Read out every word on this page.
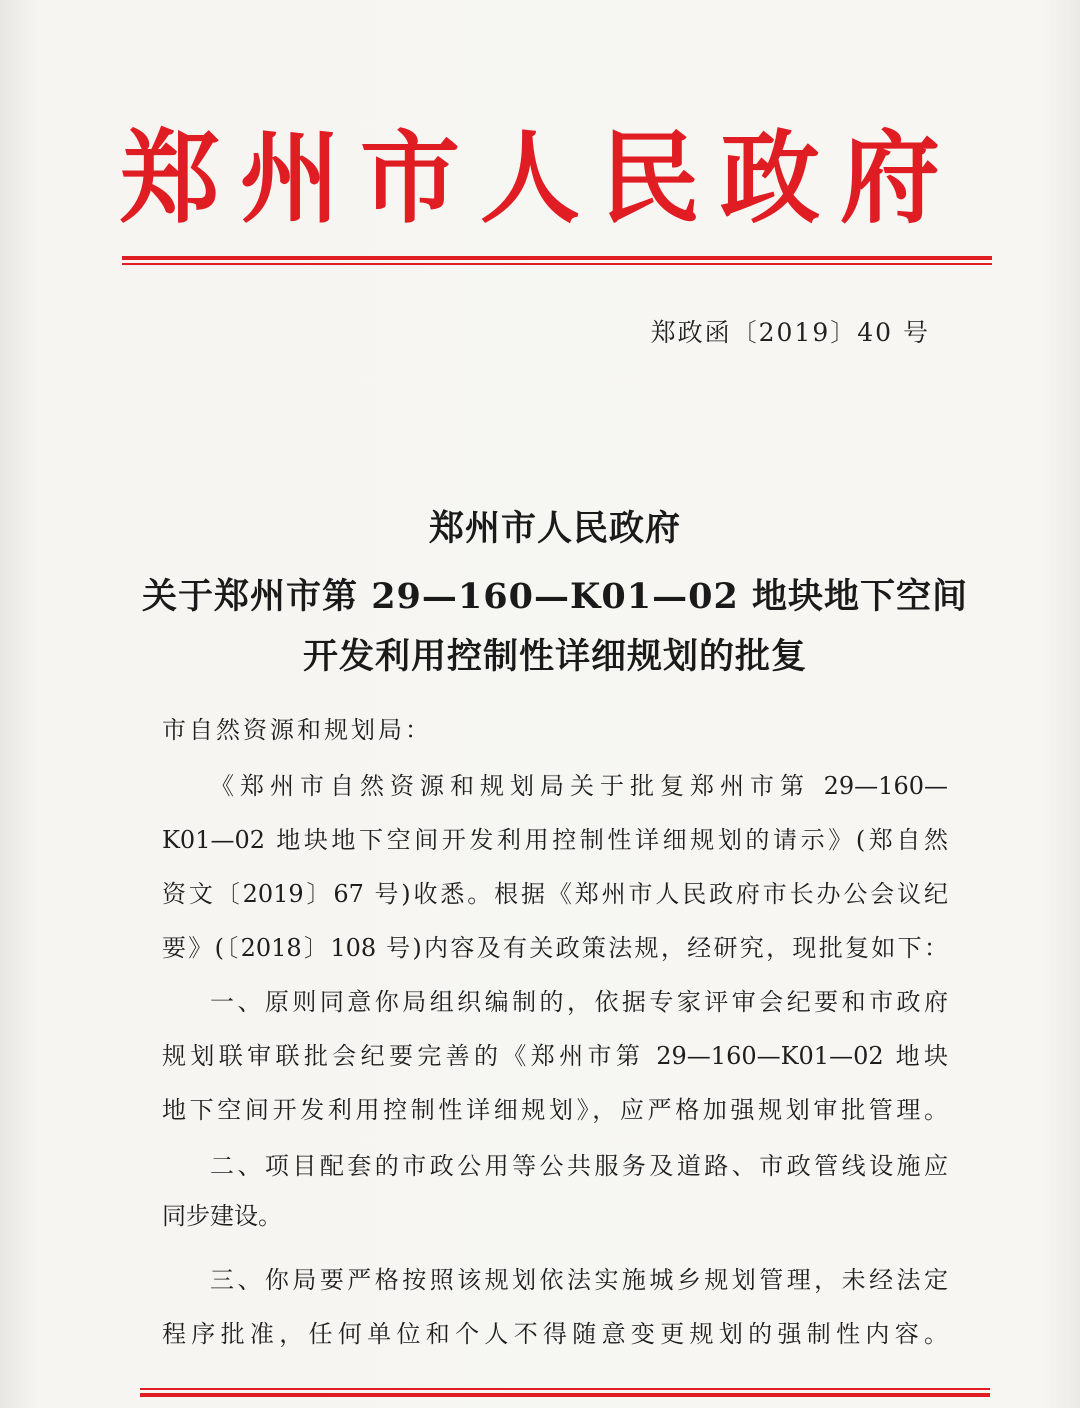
郑州市人民政府
郑政函〔2019〕40 号
郑州市人民政府
关于郑州市第 29—160—K01—02 地块地下空间
开发利用控制性详细规划的批复
市自然资源和规划局：
《郑州市自然资源和规划局关于批复郑州市第 29—160—
K01—02 地块地下空间开发利用控制性详细规划的请示》(郑自然
资文〔2019〕67 号)收悉。根据《郑州市人民政府市长办公会议纪
要》(〔2018〕108 号)内容及有关政策法规，经研究，现批复如下：
一、原则同意你局组织编制的，依据专家评审会纪要和市政府
规划联审联批会纪要完善的《郑州市第 29—160—K01—02 地块
地下空间开发利用控制性详细规划》，应严格加强规划审批管理。
二、项目配套的市政公用等公共服务及道路、市政管线设施应
同步建设。
三、你局要严格按照该规划依法实施城乡规划管理，未经法定
程序批准，任何单位和个人不得随意变更规划的强制性内容。
